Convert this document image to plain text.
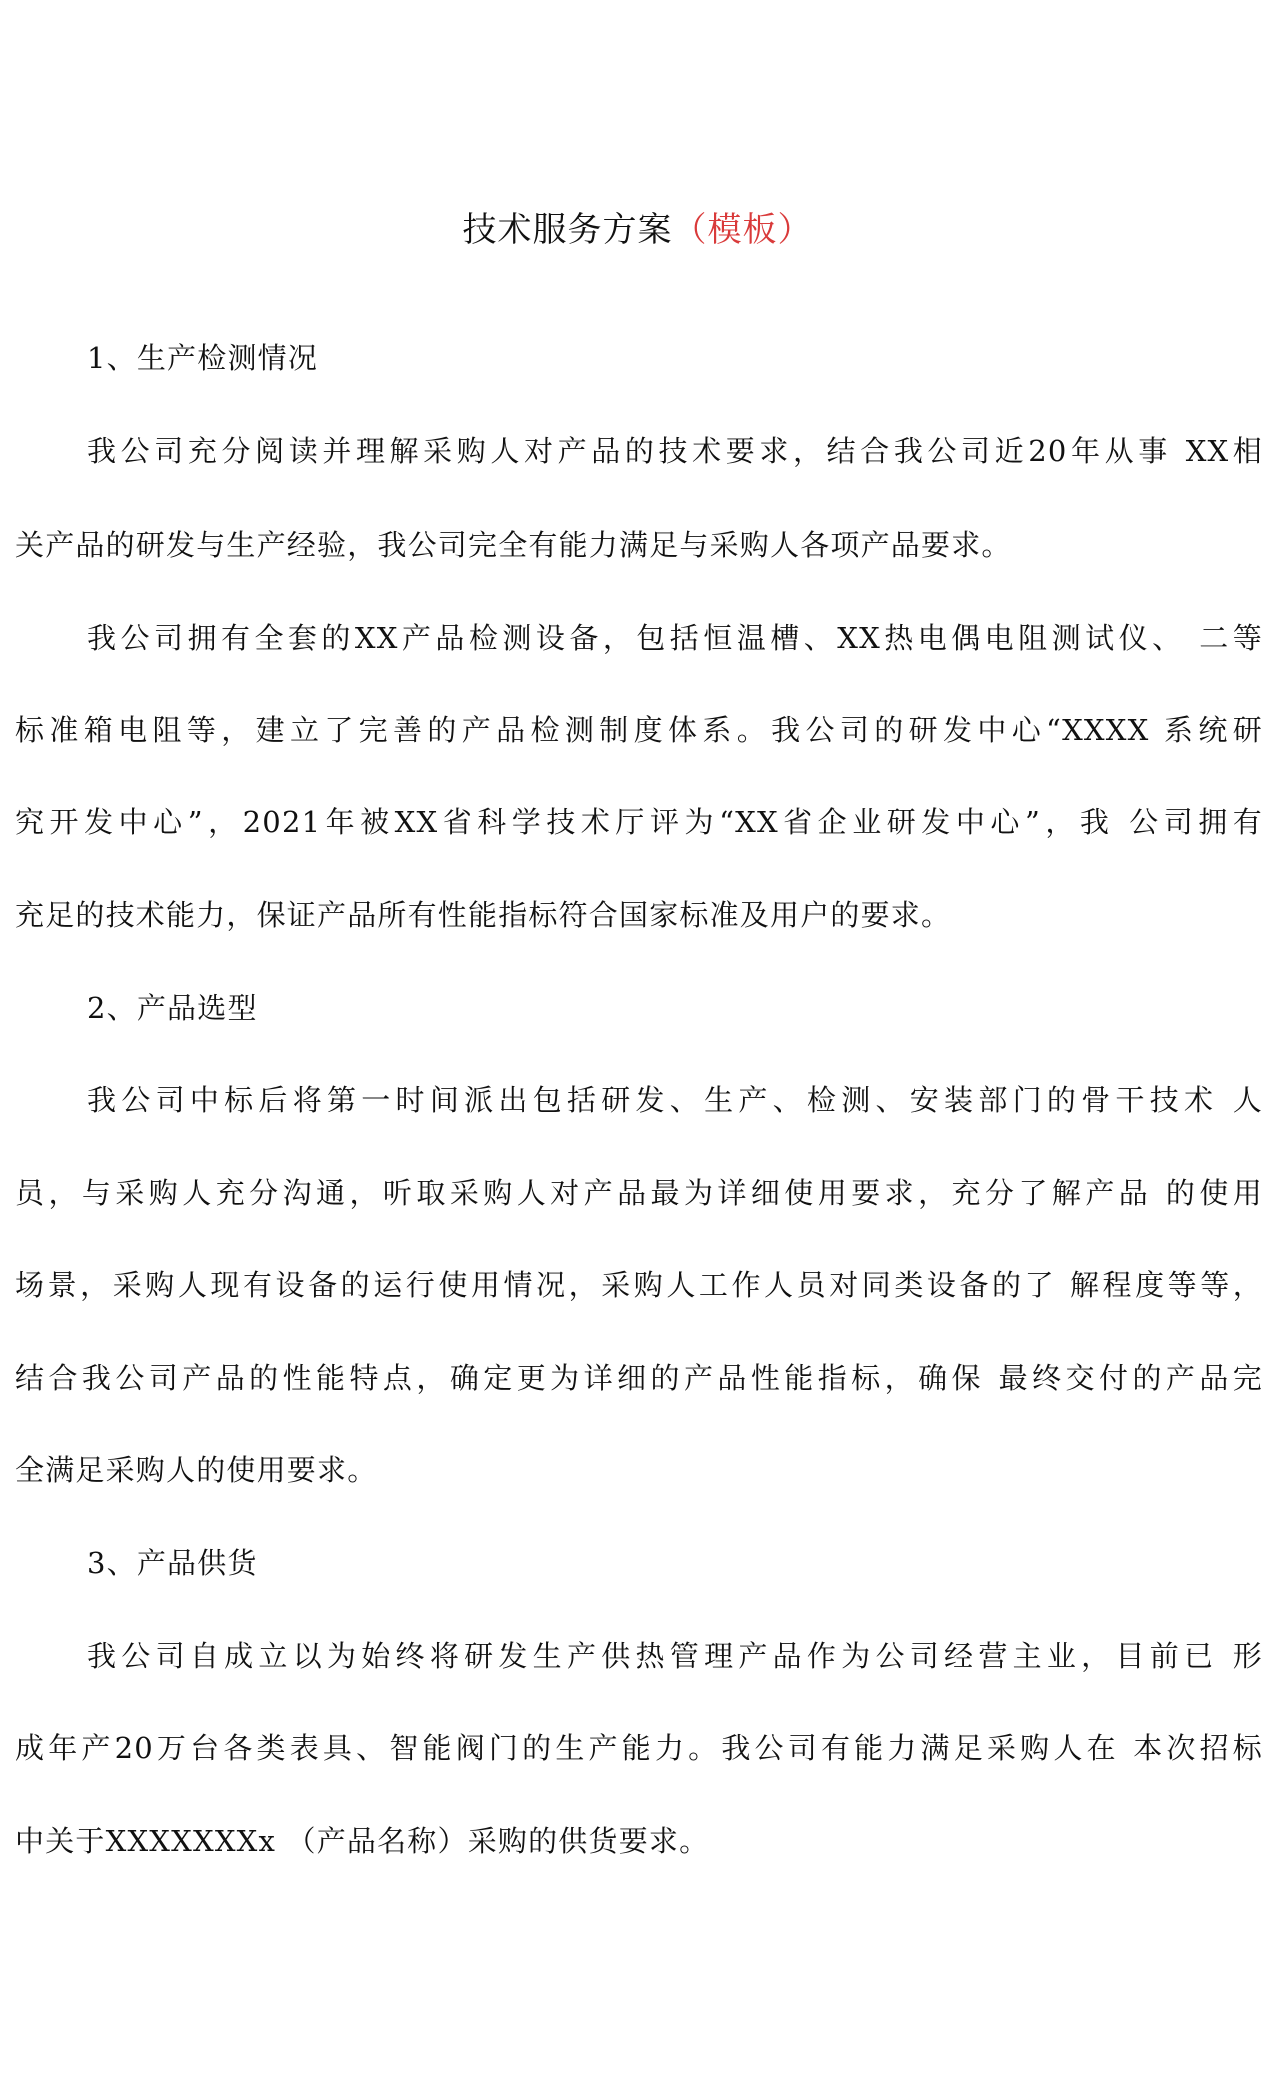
技术服务方案（模板）
1、生产检测情况
我公司充分阅读并理解采购人对产品的技术要求，结合我公司近20年从事 XX相
关产品的研发与生产经验，我公司完全有能力满足与采购人各项产品要求。
我公司拥有全套的XX产品检测设备，包括恒温槽、XX热电偶电阻测试仪、 二等
标准箱电阻等，建立了完善的产品检测制度体系。我公司的研发中心“XXXX 系统研
究开发中心”，2021年被XX省科学技术厅评为“XX省企业研发中心”，我 公司拥有
充足的技术能力，保证产品所有性能指标符合国家标准及用户的要求。
2、产品选型
我公司中标后将第一时间派出包括研发、生产、检测、安装部门的骨干技术 人
员，与采购人充分沟通，听取采购人对产品最为详细使用要求，充分了解产品 的使用
场景，采购人现有设备的运行使用情况，采购人工作人员对同类设备的了 解程度等等，
结合我公司产品的性能特点，确定更为详细的产品性能指标，确保 最终交付的产品完
全满足采购人的使用要求。
3、产品供货
我公司自成立以为始终将研发生产供热管理产品作为公司经营主业，目前已 形
成年产20万台各类表具、智能阀门的生产能力。我公司有能力满足采购人在 本次招标
中关于XXXXXXXx （产品名称）采购的供货要求。
